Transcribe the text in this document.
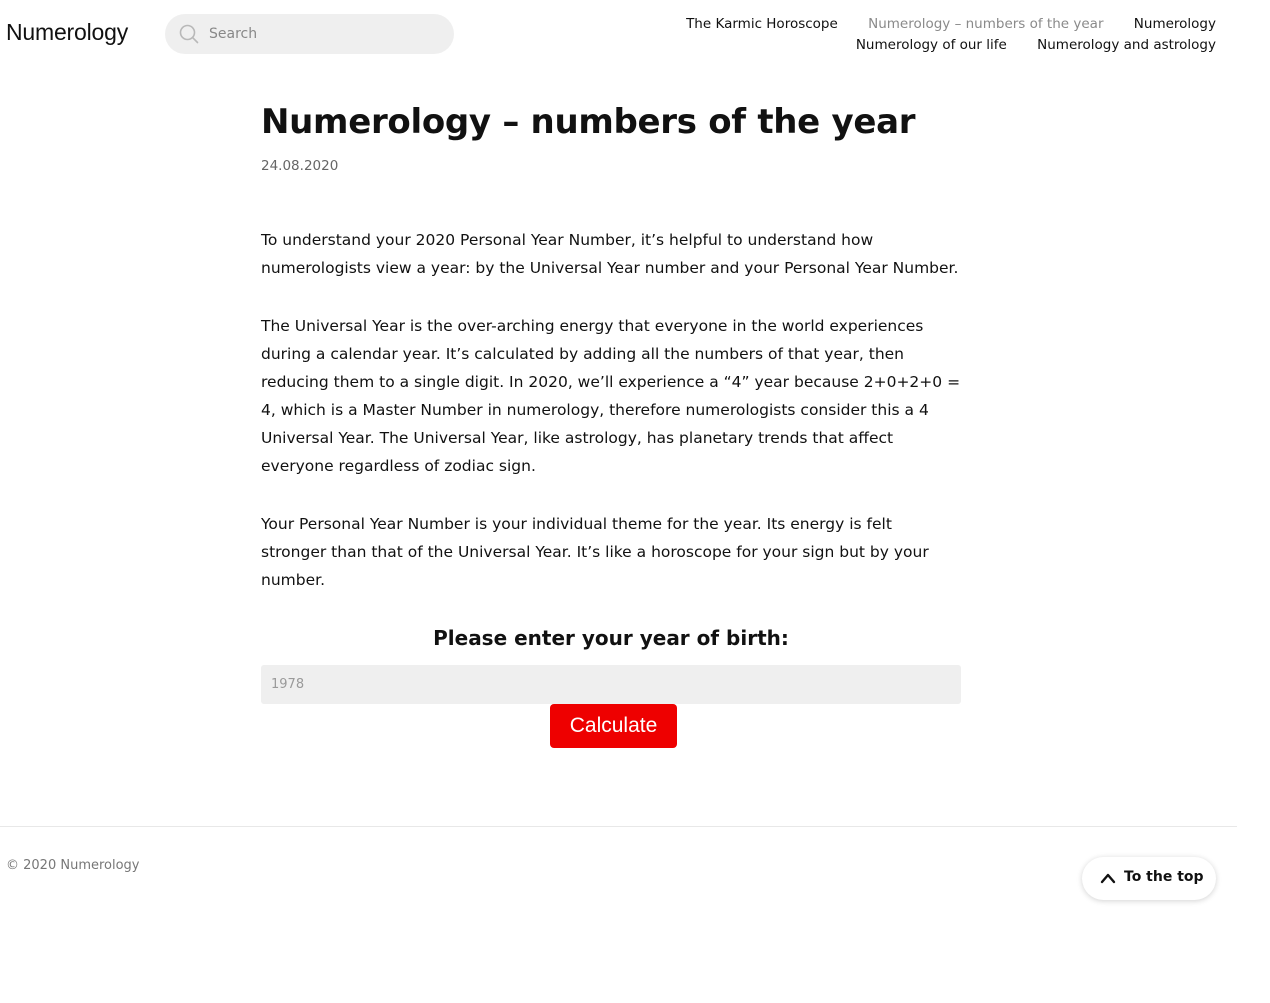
Numerology
Search	The Karmic Horoscope Numerology – numbers of the year Numerology
Numerology of our life Numerology and astrology
Numerology – numbers of the year
24.08.2020

To understand your 2020 Personal Year Number, it’s helpful to understand how numerologists view a year: by the Universal Year number and your Personal Year Number.

The Universal Year is the over-arching energy that everyone in the world experiences during a calendar year. It’s calculated by adding all the numbers of that year, then reducing them to a single digit. In 2020, we’ll experience a “4” year because 2+0+2+0 = 4, which is a Master Number in numerology, therefore numerologists consider this a 4 Universal Year. The Universal Year, like astrology, has planetary trends that affect everyone regardless of zodiac sign.

Your Personal Year Number is your individual theme for the year. Its energy is felt stronger than that of the Universal Year. It’s like a horoscope for your sign but by your number.

Please enter your year of birth:
1978
Calculate
© 2020 Numerology
To the top
